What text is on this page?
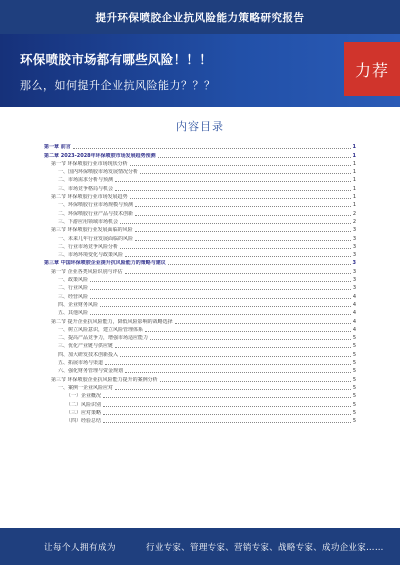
提升环保喷胶企业抗风险能力策略研究报告
环保喷胶市场都有哪些风险！！！
那么，如何提升企业抗风险能力？？？
力荐
内容目录
第一章 前言	1
第二章 2023-2028年环保喷胶市场发展趋势预测	1
第一节 环保喷胶行业市场现状分析	1
一、国内环保喷胶市场发展情况分析	1
二、市场需求分析与预测	1
三、市场竞争格局与机会	1
第二节 环保喷胶行业市场发展趋势	1
一、环保喷胶行业市场规模与预测	1
二、环保喷胶行业产品与技术创新	2
三、下游应用领域市场机会	2
第三节 环保喷胶行业发展面临的风险	3
一、未来几年行业发展面临的风险	3
二、行业市场竞争风险分析	3
三、市场环境变化与政策风险	3
第三章 中国环保喷胶企业提升抗风险能力的策略与建议	3
第一节 企业各类风险识别与评估	3
一、政策风险	3
二、行业风险	3
三、经营风险	4
四、企业财务风险	4
五、其他风险	4
第二节 提升企业抗风险能力，降低风险影响的战略选择	4
一、树立风险意识，建立风险管理体系	4
二、提高产品竞争力，增强市场适应能力	5
三、优化产业链与供应链	5
四、加大研发技术创新投入	5
五、拓展市场与渠道	5
六、强化财务管理与资金规划	5
第三节 环保喷胶企业抗风险能力提升的案例分析	5
一、案例一企业风险应对	5
（一）企业概况	5
（二）风险识别	5
（三）应对策略	5
（四）经验总结	5
让每个人拥有成为	行业专家、管理专家、营销专家、战略专家、成功企业家……
